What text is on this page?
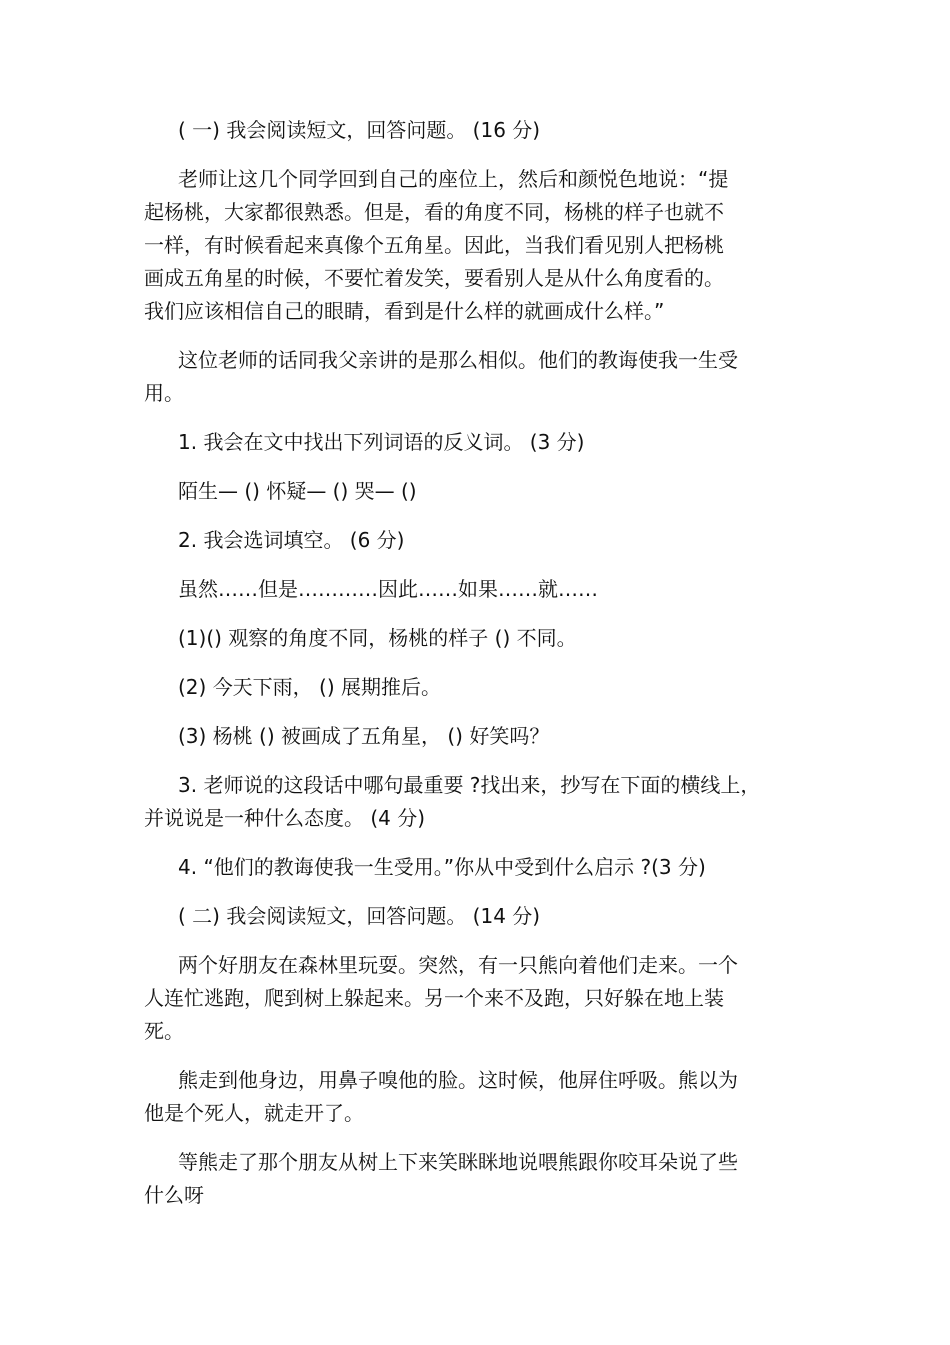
( 一) 我会阅读短文，回答问题。 (16 分)

老师让这几个同学回到自己的座位上，然后和颜悦色地说：“提
起杨桃，大家都很熟悉。但是，看的角度不同，杨桃的样子也就不
一样，有时候看起来真像个五角星。因此，当我们看见别人把杨桃
画成五角星的时候，不要忙着发笑，要看别人是从什么角度看的。
我们应该相信自己的眼睛，看到是什么样的就画成什么样。”

这位老师的话同我父亲讲的是那么相似。他们的教诲使我一生受
用。

1. 我会在文中找出下列词语的反义词。 (3 分)

陌生— () 怀疑— () 哭— ()

2. 我会选词填空。 (6 分)

虽然……但是…………因此……如果……就……

(1)() 观察的角度不同，杨桃的样子 () 不同。

(2) 今天下雨， () 展期推后。

(3) 杨桃 () 被画成了五角星， () 好笑吗？

3. 老师说的这段话中哪句最重要 ?找出来，抄写在下面的横线上，
并说说是一种什么态度。 (4 分)

4. “他们的教诲使我一生受用。”你从中受到什么启示 ?(3 分)

( 二) 我会阅读短文，回答问题。 (14 分)

两个好朋友在森林里玩耍。突然，有一只熊向着他们走来。一个
人连忙逃跑，爬到树上躲起来。另一个来不及跑，只好躲在地上装
死。

熊走到他身边，用鼻子嗅他的脸。这时候，他屏住呼吸。熊以为
他是个死人，就走开了。

等熊走了那个朋友从树上下来笑眯眯地说喂熊跟你咬耳朵说了些
什么呀
